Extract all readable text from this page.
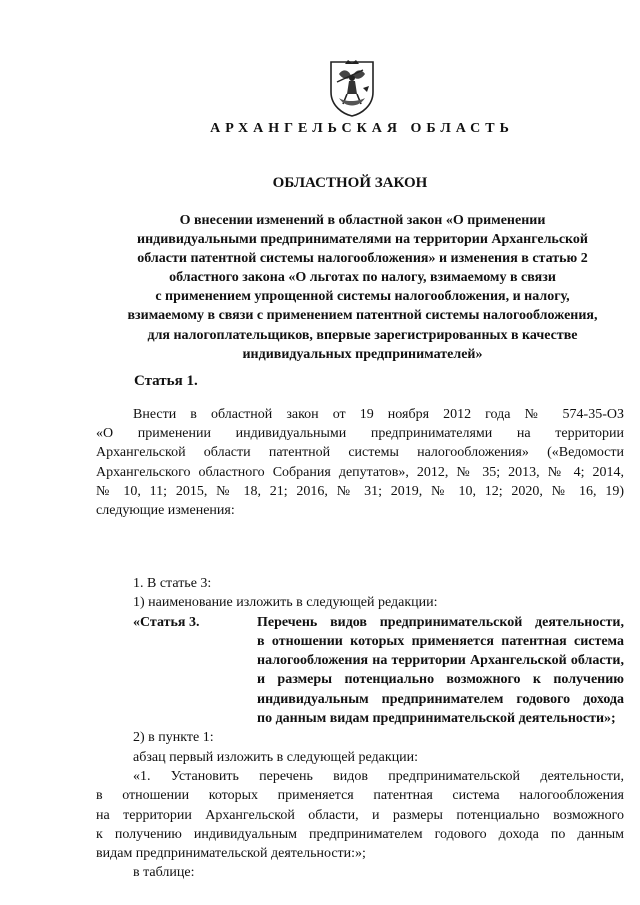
АРХАНГЕЛЬСКАЯ ОБЛАСТЬ
ОБЛАСТНОЙ ЗАКОН
О внесении изменений в областной закон «О применении
индивидуальными предпринимателями на территории Архангельской
области патентной системы налогообложения» и изменения в статью 2
областного закона «О льготах по налогу, взимаемому в связи
с применением упрощенной системы налогообложения, и налогу,
взимаемому в связи с применением патентной системы налогообложения,
для налогоплательщиков, впервые зарегистрированных в качестве
индивидуальных предпринимателей»
Статья 1.
Внести в областной закон от 19 ноября 2012 года № 574-35-ОЗ
«О применении индивидуальными предпринимателями на территории
Архангельской области патентной системы налогообложения» («Ведомости
Архангельского областного Собрания депутатов», 2012, № 35; 2013, № 4; 2014,
№ 10, 11; 2015, № 18, 21; 2016, № 31; 2019, № 10, 12; 2020, № 16, 19)
следующие изменения:
1. В статье 3:
1) наименование изложить в следующей редакции:
«Статья 3.	Перечень видов предпринимательской деятельности,
в отношении которых применяется патентная система
налогообложения на территории Архангельской области,
и размеры потенциально возможного к получению
индивидуальным предпринимателем годового дохода
по данным видам предпринимательской деятельности»;
2) в пункте 1:
абзац первый изложить в следующей редакции:
«1. Установить перечень видов предпринимательской деятельности,
в отношении которых применяется патентная система налогообложения
на территории Архангельской области, и размеры потенциально возможного
к получению индивидуальным предпринимателем годового дохода по данным
видам предпринимательской деятельности:»;
в таблице:
